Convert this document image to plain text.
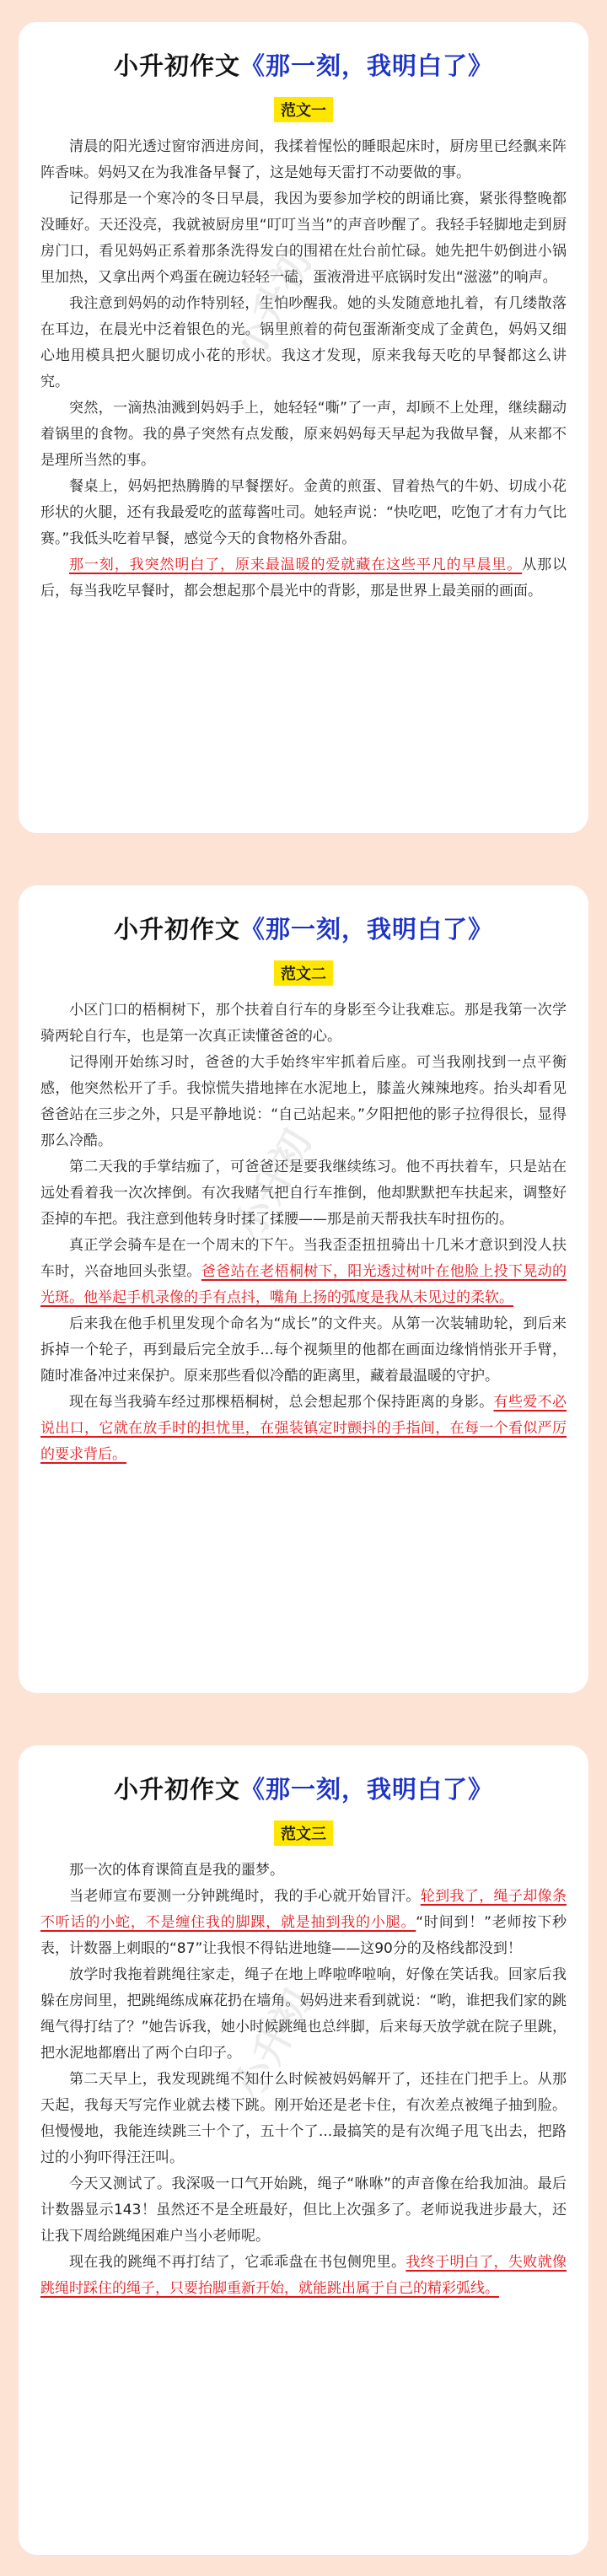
小升初作文《那一刻，我明白了》
范文一

清晨的阳光透过窗帘洒进房间，我揉着惺忪的睡眼起床时，厨房里已经飘来阵阵香味。妈妈又在为我准备早餐了，这是她每天雷打不动要做的事。

记得那是一个寒冷的冬日早晨，我因为要参加学校的朗诵比赛，紧张得整晚都没睡好。天还没亮，我就被厨房里“叮叮当当”的声音吵醒了。我轻手轻脚地走到厨房门口，看见妈妈正系着那条洗得发白的围裙在灶台前忙碌。她先把牛奶倒进小锅里加热，又拿出两个鸡蛋在碗边轻轻一磕，蛋液滑进平底锅时发出“滋滋”的响声。

我注意到妈妈的动作特别轻，生怕吵醒我。她的头发随意地扎着，有几缕散落在耳边，在晨光中泛着银色的光。锅里煎着的荷包蛋渐渐变成了金黄色，妈妈又细心地用模具把火腿切成小花的形状。我这才发现，原来我每天吃的早餐都这么讲究。

突然，一滴热油溅到妈妈手上，她轻轻“嘶”了一声，却顾不上处理，继续翻动着锅里的食物。我的鼻子突然有点发酸，原来妈妈每天早起为我做早餐，从来都不是理所当然的事。

餐桌上，妈妈把热腾腾的早餐摆好。金黄的煎蛋、冒着热气的牛奶、切成小花形状的火腿，还有我最爱吃的蓝莓酱吐司。她轻声说：“快吃吧，吃饱了才有力气比赛。”我低头吃着早餐，感觉今天的食物格外香甜。

那一刻，我突然明白了，原来最温暖的爱就藏在这些平凡的早晨里。从那以后，每当我吃早餐时，都会想起那个晨光中的背影，那是世界上最美丽的画面。

小升初
小升初作文《那一刻，我明白了》
范文二

小区门口的梧桐树下，那个扶着自行车的身影至今让我难忘。那是我第一次学骑两轮自行车，也是第一次真正读懂爸爸的心。

记得刚开始练习时，爸爸的大手始终牢牢抓着后座。可当我刚找到一点平衡感，他突然松开了手。我惊慌失措地摔在水泥地上，膝盖火辣辣地疼。抬头却看见爸爸站在三步之外，只是平静地说：“自己站起来。”夕阳把他的影子拉得很长，显得那么冷酷。

第二天我的手掌结痂了，可爸爸还是要我继续练习。他不再扶着车，只是站在远处看着我一次次摔倒。有次我赌气把自行车推倒，他却默默把车扶起来，调整好歪掉的车把。我注意到他转身时揉了揉腰——那是前天帮我扶车时扭伤的。

真正学会骑车是在一个周末的下午。当我歪歪扭扭骑出十几米才意识到没人扶车时，兴奋地回头张望。爸爸站在老梧桐树下，阳光透过树叶在他脸上投下晃动的光斑。他举起手机录像的手有点抖，嘴角上扬的弧度是我从未见过的柔软。

后来我在他手机里发现个命名为“成长”的文件夹。从第一次装辅助轮，到后来拆掉一个轮子，再到最后完全放手...每个视频里的他都在画面边缘悄悄张开手臂，随时准备冲过来保护。原来那些看似冷酷的距离里，藏着最温暖的守护。

现在每当我骑车经过那棵梧桐树，总会想起那个保持距离的身影。有些爱不必说出口，它就在放手时的担忧里，在强装镇定时颤抖的手指间，在每一个看似严厉的要求背后。

小升初
小升初作文《那一刻，我明白了》
范文三

那一次的体育课简直是我的噩梦。

当老师宣布要测一分钟跳绳时，我的手心就开始冒汗。轮到我了，绳子却像条不听话的小蛇，不是缠住我的脚踝，就是抽到我的小腿。“时间到！”老师按下秒表，计数器上刺眼的“87”让我恨不得钻进地缝——这90分的及格线都没到！

放学时我拖着跳绳往家走，绳子在地上哗啦哗啦响，好像在笑话我。回家后我躲在房间里，把跳绳练成麻花扔在墙角。妈妈进来看到就说：“哟，谁把我们家的跳绳气得打结了？”她告诉我，她小时候跳绳也总绊脚，后来每天放学就在院子里跳，把水泥地都磨出了两个白印子。

第二天早上，我发现跳绳不知什么时候被妈妈解开了，还挂在门把手上。从那天起，我每天写完作业就去楼下跳。刚开始还是老卡住，有次差点被绳子抽到脸。但慢慢地，我能连续跳三十个了，五十个了...最搞笑的是有次绳子甩飞出去，把路过的小狗吓得汪汪叫。

今天又测试了。我深吸一口气开始跳，绳子“咻咻”的声音像在给我加油。最后计数器显示143！虽然还不是全班最好，但比上次强多了。老师说我进步最大，还让我下周给跳绳困难户当小老师呢。

现在我的跳绳不再打结了，它乖乖盘在书包侧兜里。我终于明白了，失败就像跳绳时踩住的绳子，只要抬脚重新开始，就能跳出属于自己的精彩弧线。

小升初
